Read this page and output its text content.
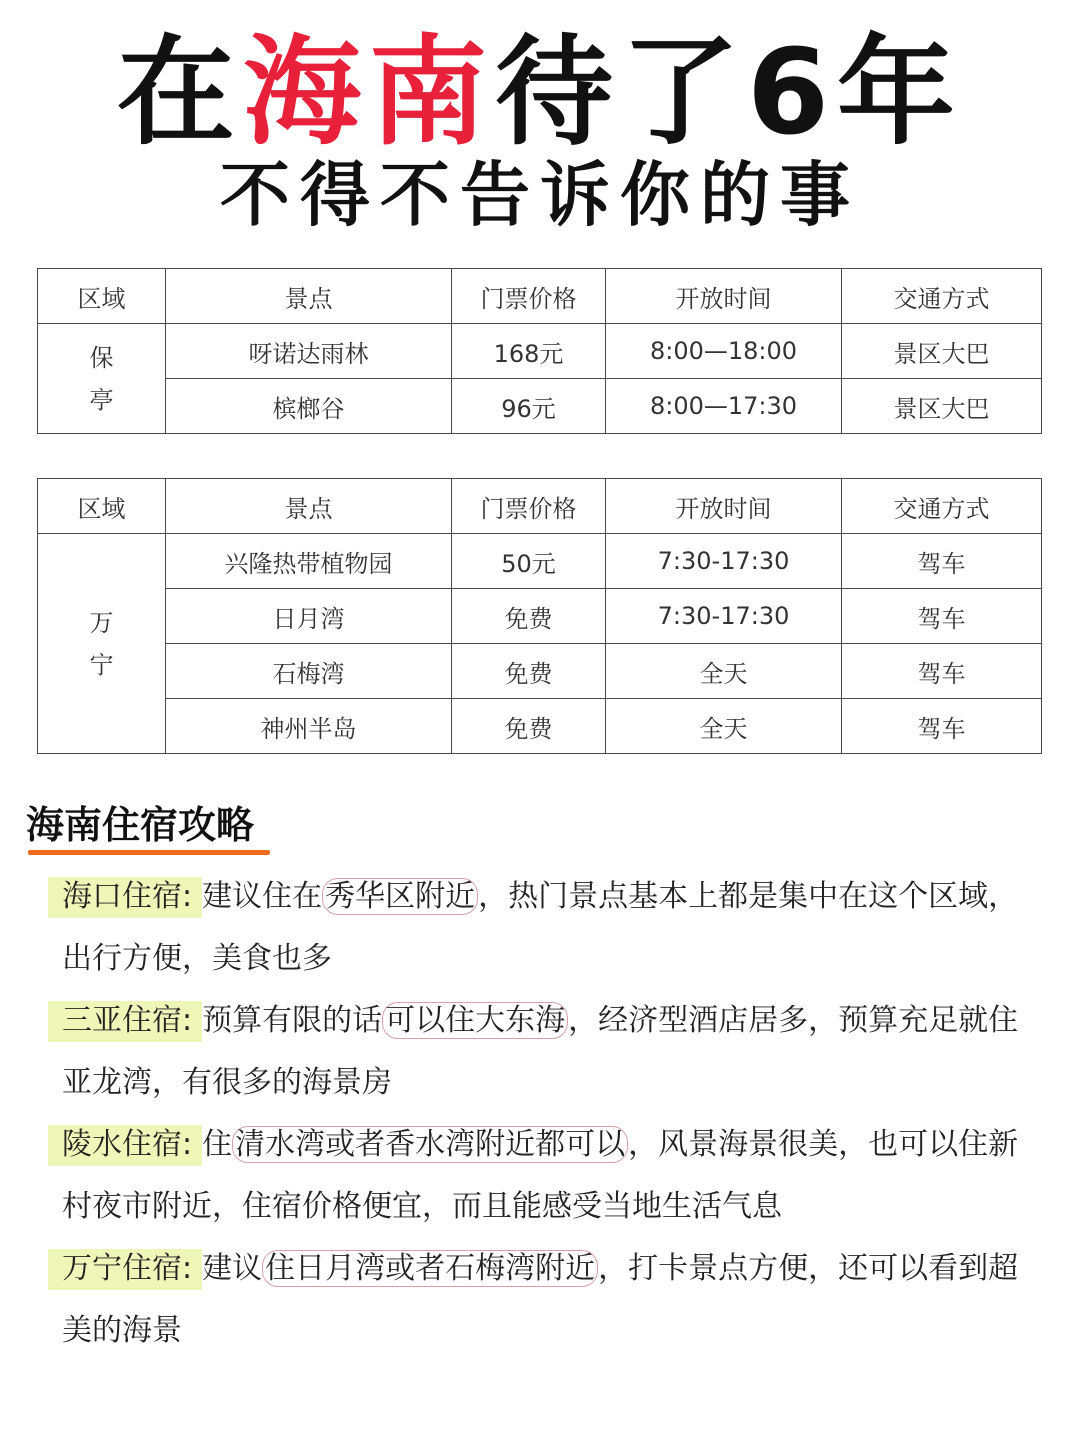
在海南待了6年
不得不告诉你的事
区域	景点	门票价格	开放时间	交通方式
保
亭	呀诺达雨林	168元	8:00—18:00	景区大巴
	槟榔谷	96元	8:00—17:30	景区大巴
区域	景点	门票价格	开放时间	交通方式
万
宁	兴隆热带植物园	50元	7:30-17:30	驾车
	日月湾	免费	7:30-17:30	驾车
	石梅湾	免费	全天	驾车
	神州半岛	免费	全天	驾车
海南住宿攻略
海口住宿: 建议住在 秀华区附近 ，热门景点基本上都是集中在这个区域，
出行方便，美食也多
三亚住宿: 预算有限的话 可以住大东海 ，经济型酒店居多，预算充足就住
亚龙湾，有很多的海景房
陵水住宿: 住 清水湾或者香水湾附近都可以 ，风景海景很美，也可以住新
村夜市附近，住宿价格便宜，而且能感受当地生活气息
万宁住宿: 建议 住日月湾或者石梅湾附近 ，打卡景点方便，还可以看到超
美的海景
